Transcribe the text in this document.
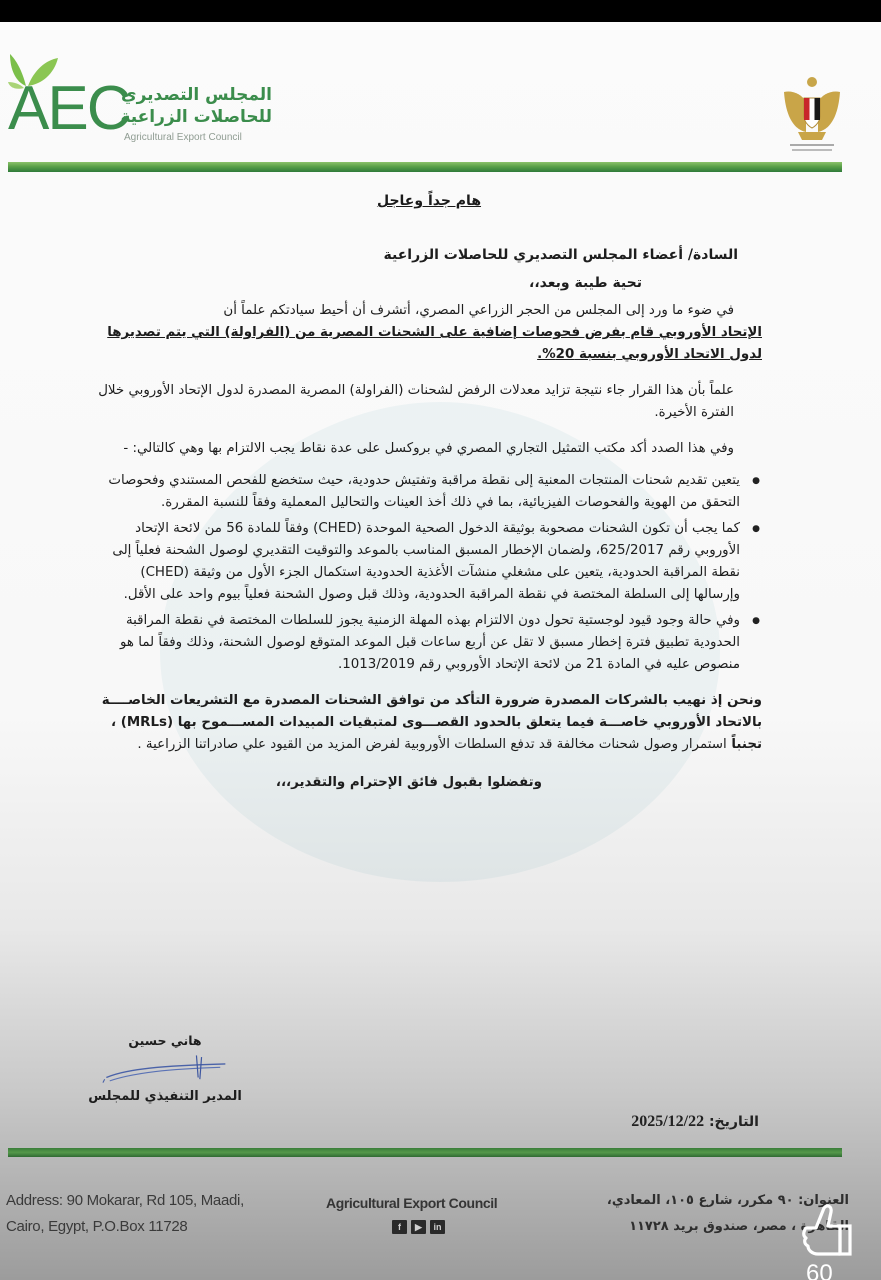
AEC
المجلس التصديري
للحاصلات الزراعية
Agricultural Export Council

هام جداً وعاجل

السادة/ أعضاء المجلس التصديري للحاصلات الزراعية

تحية طيبة وبعد،،

في ضوء ما ورد إلى المجلس من الحجر الزراعي المصري، أتشرف أن أحيط سيادتكم علماً أن
الإتحاد الأوروبي قام بفرض فحوصات إضافية على الشحنات المصرية من (الفراولة) التي يتم تصديرها لدول الاتحاد الأوروبي بنسبة 20%.

علماً بأن هذا القرار جاء نتيجة تزايد معدلات الرفض لشحنات (الفراولة) المصرية المصدرة لدول الإتحاد الأوروبي خلال الفترة الأخيرة.

وفي هذا الصدد أكد مكتب التمثيل التجاري المصري في بروكسل على عدة نقاط يجب الالتزام بها وهي كالتالي: -

● يتعين تقديم شحنات المنتجات المعنية إلى نقطة مراقبة وتفتيش حدودية، حيث ستخضع للفحص المستندي وفحوصات التحقق من الهوية والفحوصات الفيزيائية، بما في ذلك أخذ العينات والتحاليل المعملية وفقاً للنسبة المقررة.
● كما يجب أن تكون الشحنات مصحوبة بوثيقة الدخول الصحية الموحدة (CHED) وفقاً للمادة 56 من لائحة الإتحاد الأوروبي رقم 625/2017، ولضمان الإخطار المسبق المناسب بالموعد والتوقيت التقديري لوصول الشحنة فعلياً إلى نقطة المراقبة الحدودية، يتعين على مشغلي منشآت الأغذية الحدودية استكمال الجزء الأول من وثيقة (CHED) وإرسالها إلى السلطة المختصة في نقطة المراقبة الحدودية، وذلك قبل وصول الشحنة فعلياً بيوم واحد على الأقل.
● وفي حالة وجود قيود لوجستية تحول دون الالتزام بهذه المهلة الزمنية يجوز للسلطات المختصة في نقطة المراقبة الحدودية تطبيق فترة إخطار مسبق لا تقل عن أربع ساعات قبل الموعد المتوقع لوصول الشحنة، وذلك وفقاً لما هو منصوص عليه في المادة 21 من لائحة الإتحاد الأوروبي رقم 1013/2019.

ونحن إذ نهيب بالشركات المصدرة ضرورة التأكد من توافق الشحنات المصدرة مع التشريعات الخاصــــة بالاتحاد الأوروبي خاصـــة فيما يتعلق بالحدود القصـــوى لمتبقيات المبيدات المســـموح بها (MRLs) ، تجنباً استمرار وصول شحنات مخالفة قد تدفع السلطات الأوروبية لفرض المزيد من القيود علي صادراتنا الزراعية .

وتفضلوا بقبول فائق الإحترام والتقدير،،،

هاني حسين
المدير التنفيذي للمجلس
التاريخ: 2025/12/22
Address: 90 Mokarar, Rd 105, Maadi,
Cairo, Egypt, P.O.Box 11728
Agricultural Export Council
f	▶	in
العنوان: ٩٠ مكرر، شارع ١٠٥، المعادي،
القاهرة ، مصر، صندوق بريد ١١٧٢٨
60
